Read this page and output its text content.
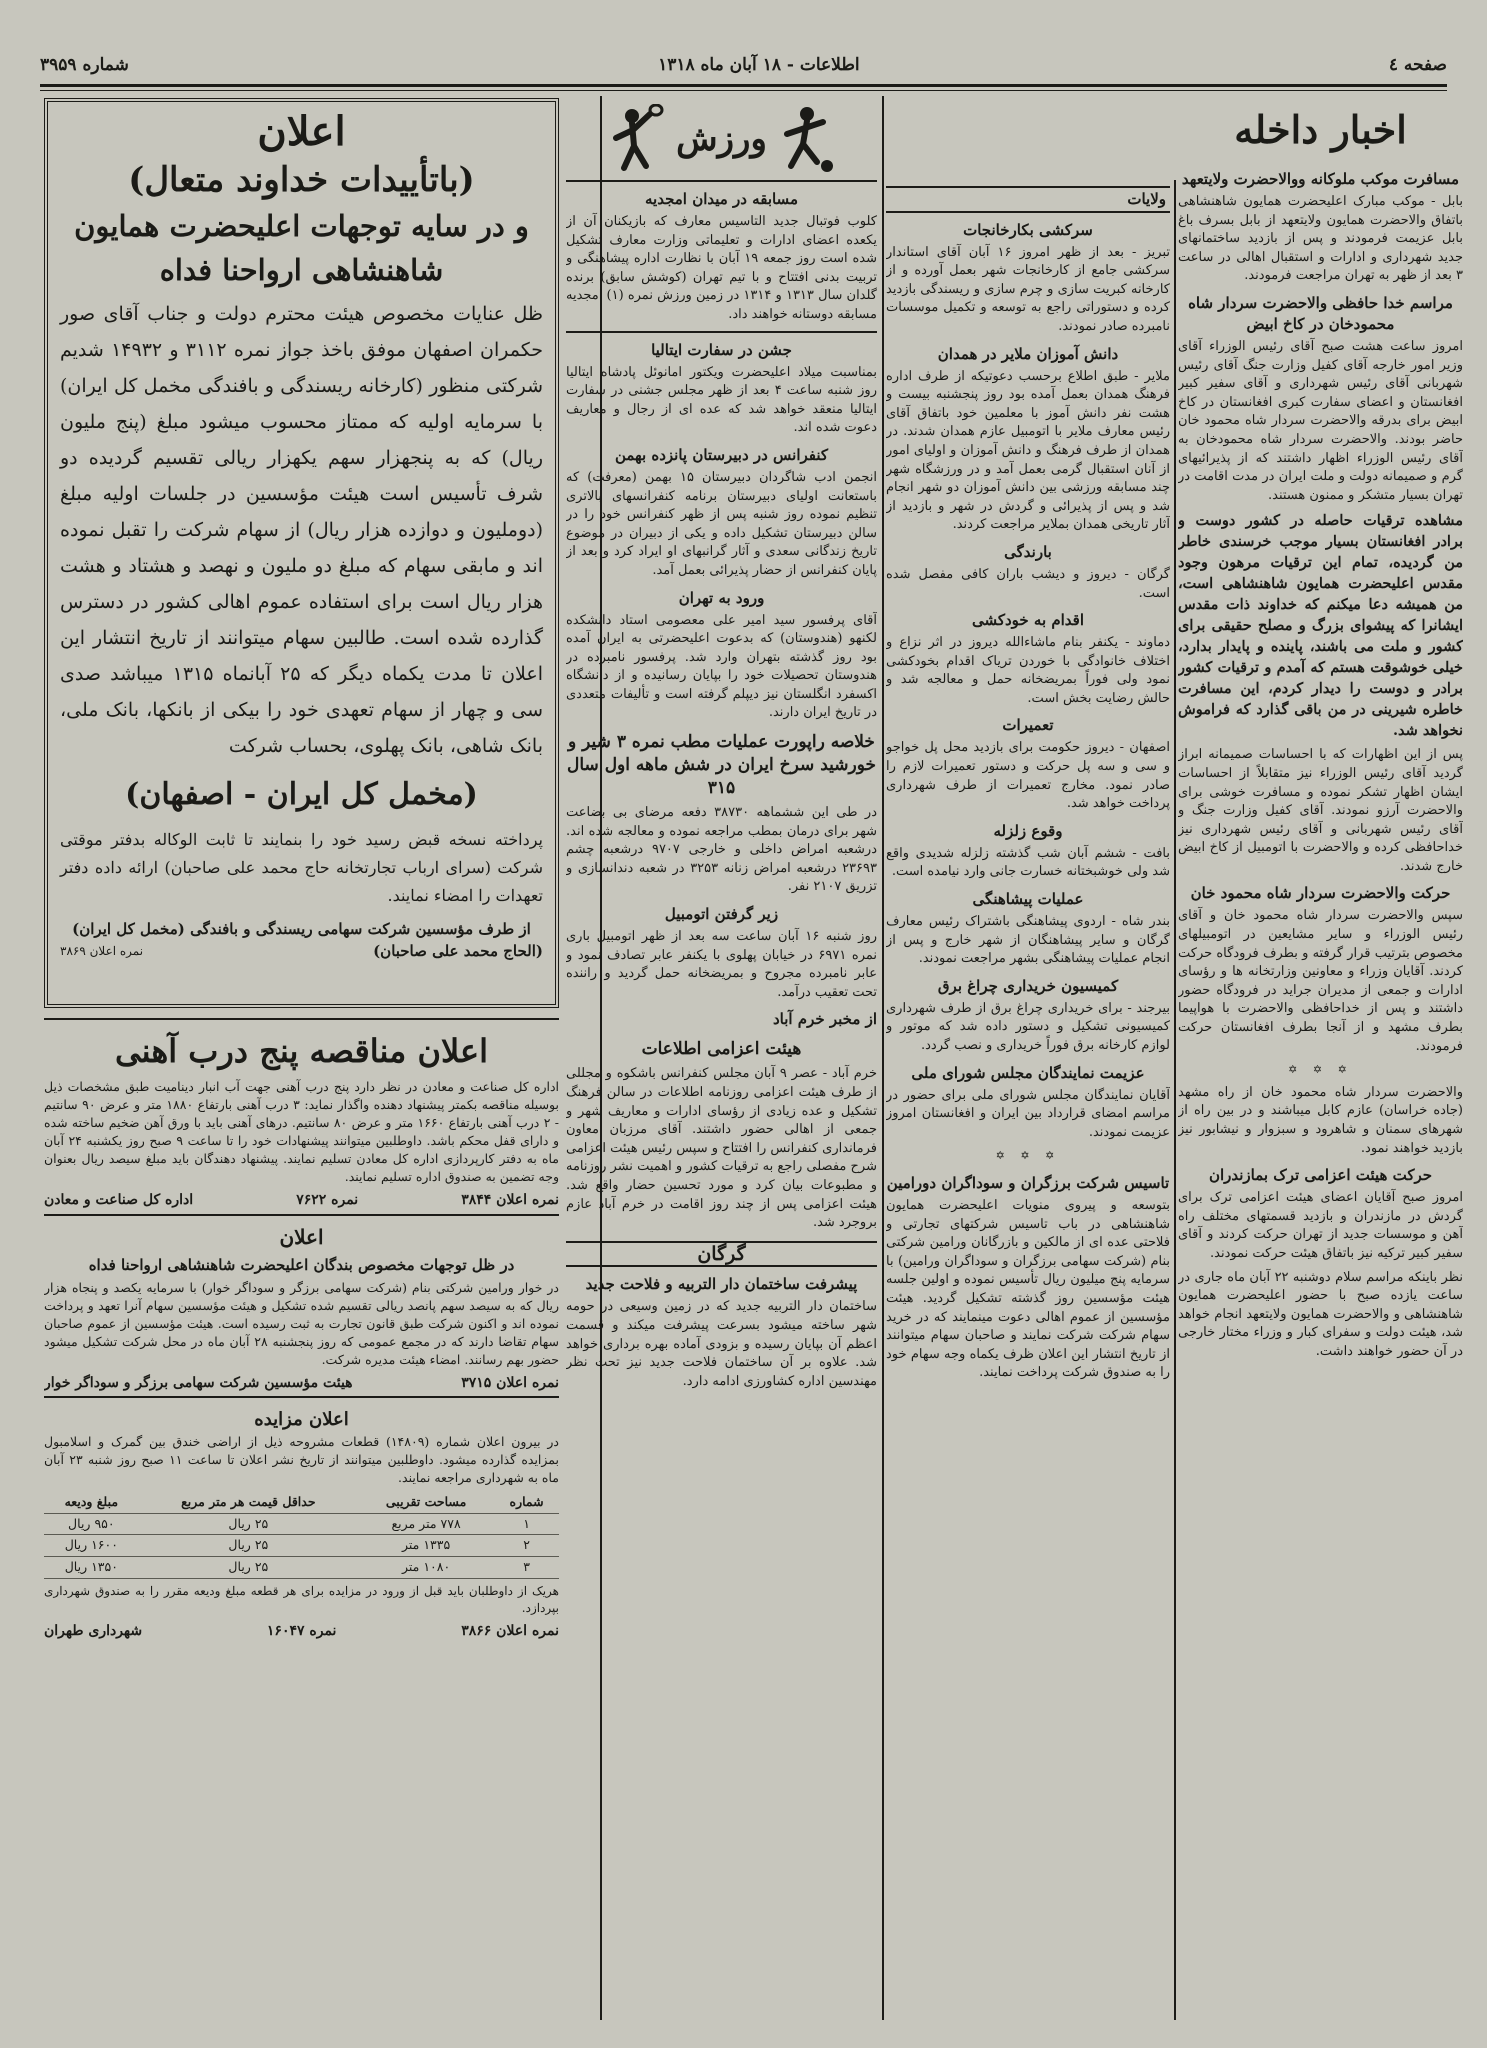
صفحه ٤
اطلاعات - ۱۸ آبان ماه ۱۳۱۸
شماره ۳۹۵۹
اخبار داخله
مسافرت موکب ملوکانه ووالاحضرت ولایتعهد
بابل - موکب مبارک اعلیحضرت همایون شاهنشاهی باتفاق والاحضرت همایون ولایتعهد از بابل بسرف باغ بابل عزیمت فرمودند و پس از بازدید ساختمانهای جدید شهرداری و ادارات و استقبال اهالی در ساعت ۳ بعد از ظهر به تهران مراجعت فرمودند.
مراسم خدا حافظی والاحضرت سردار شاه محمودخان در کاخ ابیض
امروز ساعت هشت صبح آقای رئیس الوزراء آقای وزیر امور خارجه آقای کفیل وزارت جنگ آقای رئیس شهربانی آقای رئیس شهرداری و آقای سفیر کبیر افغانستان و اعضای سفارت کبری افغانستان در کاخ ابیض برای بدرقه والاحضرت سردار شاه محمود خان حاضر بودند. والاحضرت سردار شاه محمودخان به آقای رئیس الوزراء اظهار داشتند که از پذیرائیهای گرم و صمیمانه دولت و ملت ایران در مدت اقامت در تهران بسیار متشکر و ممنون هستند.
مشاهده ترقیات حاصله در کشور دوست و برادر افغانستان بسیار موجب خرسندی خاطر من گردیده، تمام این ترقیات مرهون وجود مقدس اعلیحضرت همایون شاهنشاهی است، من همیشه دعا میکنم که خداوند ذات مقدس ایشانرا که پیشوای بزرگ و مصلح حقیقی برای کشور و ملت می باشند، پاینده و پایدار بدارد، خیلی خوشوقت هستم که آمدم و ترقیات کشور برادر و دوست را دیدار کردم، این مسافرت خاطره شیرینی در من باقی گذارد که فراموش نخواهد شد.
پس از این اظهارات که با احساسات صمیمانه ابراز گردید آقای رئیس الوزراء نیز متقابلاً از احساسات ایشان اظهار تشکر نموده و مسافرت خوشی برای والاحضرت آرزو نمودند. آقای کفیل وزارت جنگ و آقای رئیس شهربانی و آقای رئیس شهرداری نیز خداحافظی کرده و والاحضرت با اتومبیل از کاخ ابیض خارج شدند.
حرکت والاحضرت سردار شاه محمود خان
سپس والاحضرت سردار شاه محمود خان و آقای رئیس الوزراء و سایر مشایعین در اتومبیلهای مخصوص بترتیب قرار گرفته و بطرف فرودگاه حرکت کردند. آقایان وزراء و معاونین وزارتخانه ها و رؤسای ادارات و جمعی از مدیران جراید در فرودگاه حضور داشتند و پس از خداحافظی والاحضرت با هواپیما بطرف مشهد و از آنجا بطرف افغانستان حرکت فرمودند.
✡ ✡ ✡
والاحضرت سردار شاه محمود خان از راه مشهد (جاده خراسان) عازم کابل میباشند و در بین راه از شهرهای سمنان و شاهرود و سبزوار و نیشابور نیز بازدید خواهند نمود.
حرکت هیئت اعزامی ترک بمازندران
امروز صبح آقایان اعضای هیئت اعزامی ترک برای گردش در مازندران و بازدید قسمتهای مختلف راه آهن و موسسات جدید از تهران حرکت کردند و آقای سفیر کبیر ترکیه نیز باتفاق هیئت حرکت نمودند.
نظر باینکه مراسم سلام دوشنبه ۲۲ آبان ماه جاری در ساعت یازده صبح با حضور اعلیحضرت همایون شاهنشاهی و والاحضرت همایون ولایتعهد انجام خواهد شد، هیئت دولت و سفرای کبار و وزراء مختار خارجی در آن حضور خواهند داشت.
ولایات
سرکشی بکارخانجات
تبریز - بعد از ظهر امروز ۱۶ آبان آقای استاندار سرکشی جامع از کارخانجات شهر بعمل آورده و از کارخانه کبریت سازی و چرم سازی و ریسندگی بازدید کرده و دستوراتی راجع به توسعه و تکمیل موسسات نامبرده صادر نمودند.
دانش آموزان ملایر در همدان
ملایر - طبق اطلاع برحسب دعوتیکه از طرف اداره فرهنگ همدان بعمل آمده بود روز پنجشنبه بیست و هشت نفر دانش آموز با معلمین خود باتفاق آقای رئیس معارف ملایر با اتومبیل عازم همدان شدند. در همدان از طرف فرهنگ و دانش آموزان و اولیای امور از آنان استقبال گرمی بعمل آمد و در ورزشگاه شهر چند مسابقه ورزشی بین دانش آموزان دو شهر انجام شد و پس از پذیرائی و گردش در شهر و بازدید از آثار تاریخی همدان بملایر مراجعت کردند.
بارندگی
گرگان - دیروز و دیشب باران کافی مفصل شده است.
اقدام به خودکشی
دماوند - یکنفر بنام ماشاءالله دیروز در اثر نزاع و اختلاف خانوادگی با خوردن تریاک اقدام بخودکشی نمود ولی فوراً بمریضخانه حمل و معالجه شد و حالش رضایت بخش است.
تعمیرات
اصفهان - دیروز حکومت برای بازدید محل پل خواجو و سی و سه پل حرکت و دستور تعمیرات لازم را صادر نمود. مخارج تعمیرات از طرف شهرداری پرداخت خواهد شد.
وقوع زلزله
بافت - ششم آبان شب گذشته زلزله شدیدی واقع شد ولی خوشبختانه خسارت جانی وارد نیامده است.
عملیات پیشاهنگی
بندر شاه - اردوی پیشاهنگی باشتراک رئیس معارف گرگان و سایر پیشاهنگان از شهر خارج و پس از انجام عملیات پیشاهنگی بشهر مراجعت نمودند.
کمیسیون خریداری چراغ برق
بیرجند - برای خریداری چراغ برق از طرف شهرداری کمیسیونی تشکیل و دستور داده شد که موتور و لوازم کارخانه برق فوراً خریداری و نصب گردد.
عزیمت نمایندگان مجلس شورای ملی
آقایان نمایندگان مجلس شورای ملی برای حضور در مراسم امضای قرارداد بین ایران و افغانستان امروز عزیمت نمودند.
✡ ✡ ✡
تاسیس شرکت برزگران و سوداگران دورامین
بتوسعه و پیروی منویات اعلیحضرت همایون شاهنشاهی در باب تاسیس شرکتهای تجارتی و فلاحتی عده ای از مالکین و بازرگانان ورامین شرکتی بنام (شرکت سهامی برزگران و سوداگران ورامین) با سرمایه پنج میلیون ریال تأسیس نموده و اولین جلسه هیئت مؤسسین روز گذشته تشکیل گردید. هیئت مؤسسین از عموم اهالی دعوت مینمایند که در خرید سهام شرکت شرکت نمایند و صاحبان سهام میتوانند از تاریخ انتشار این اعلان ظرف یکماه وجه سهام خود را به صندوق شرکت پرداخت نمایند.
ورزش
مسابقه در میدان امجدیه
کلوب فوتبال جدید التاسیس معارف که بازیکنان آن از یکعده اعضای ادارات و تعلیماتی وزارت معارف تشکیل شده است روز جمعه ۱۹ آبان با نظارت اداره پیشاهنگی و تربیت بدنی افتتاح و با تیم تهران (کوشش سابق) برنده گلدان سال ۱۳۱۳ و ۱۳۱۴ در زمین ورزش نمره (۱) امجدیه مسابقه دوستانه خواهند داد.
جشن در سفارت ایتالیا
بمناسبت میلاد اعلیحضرت ویکتور امانوئل پادشاه ایتالیا روز شنبه ساعت ۴ بعد از ظهر مجلس جشنی در سفارت ایتالیا منعقد خواهد شد که عده ای از رجال و معاریف دعوت شده اند.
کنفرانس در دبیرستان پانزده بهمن
انجمن ادب شاگردان دبیرستان ۱۵ بهمن (معرفت) که باستعانت اولیای دبیرستان برنامه کنفرانسهای بالاتری تنظیم نموده روز شنبه پس از ظهر کنفرانس خود را در سالن دبیرستان تشکیل داده و یکی از دبیران در موضوع تاریخ زندگانی سعدی و آثار گرانبهای او ایراد کرد و بعد از پایان کنفرانس از حضار پذیرائی بعمل آمد.
ورود به تهران
آقای پرفسور سید امیر علی معصومی استاد دانشکده لکنهو (هندوستان) که بدعوت اعلیحضرتی به ایران آمده بود روز گذشته بتهران وارد شد. پرفسور نامبرده در هندوستان تحصیلات خود را بپایان رسانیده و از دانشگاه اکسفرد انگلستان نیز دیپلم گرفته است و تألیفات متعددی در تاریخ ایران دارند.
خلاصه راپورت عملیات مطب نمره ۳ شیر و خورشید سرخ ایران در شش ماهه اول سال ۳۱۵
در طی این ششماهه ۳۸۷۳۰ دفعه مرضای بی بضاعت شهر برای درمان بمطب مراجعه نموده و معالجه شده اند. درشعبه امراض داخلی و خارجی ۹۷۰۷ درشعبه چشم ۲۳۶۹۳ درشعبه امراض زنانه ۳۲۵۳ در شعبه دندانسازی و تزریق ۲۱۰۷ نفر.
زیر گرفتن اتومبیل
روز شنبه ۱۶ آبان ساعت سه بعد از ظهر اتومبیل باری نمره ۶۹۷۱ در خیابان پهلوی با یکنفر عابر تصادف نمود و عابر نامبرده مجروح و بمریضخانه حمل گردید و راننده تحت تعقیب درآمد.
از مخبر خرم آباد
هیئت اعزامی اطلاعات
خرم آباد - عصر ۹ آبان مجلس کنفرانس باشکوه و مجللی از طرف هیئت اعزامی روزنامه اطلاعات در سالن فرهنگ تشکیل و عده زیادی از رؤسای ادارات و معاریف شهر و جمعی از اهالی حضور داشتند. آقای مرزبان معاون فرمانداری کنفرانس را افتتاح و سپس رئیس هیئت اعزامی شرح مفصلی راجع به ترقیات کشور و اهمیت نشر روزنامه و مطبوعات بیان کرد و مورد تحسین حضار واقع شد. هیئت اعزامی پس از چند روز اقامت در خرم آباد عازم بروجرد شد.
گرگان
پیشرفت ساختمان دار التربیه و فلاحت جدید
ساختمان دار التربیه جدید که در زمین وسیعی در حومه شهر ساخته میشود بسرعت پیشرفت میکند و قسمت اعظم آن بپایان رسیده و بزودی آماده بهره برداری خواهد شد. علاوه بر آن ساختمان فلاحت جدید نیز تحت نظر مهندسین اداره کشاورزی ادامه دارد.
اعلان
(باتأییدات خداوند متعال)
و در سایه توجهات اعلیحضرت همایون شاهنشاهی ارواحنا فداه
ظل عنایات مخصوص هیئت محترم دولت و جناب آقای صور حکمران اصفهان موفق باخذ جواز نمره ۳۱۱۲ و ۱۴۹۳۲ شدیم شرکتی منظور (کارخانه ریسندگی و بافندگی مخمل کل ایران) با سرمایه اولیه که ممتاز محسوب میشود مبلغ (پنج ملیون ریال) که به پنجهزار سهم یکهزار ریالی تقسیم گردیده دو شرف تأسیس است هیئت مؤسسین در جلسات اولیه مبلغ (دوملیون و دوازده هزار ریال) از سهام شرکت را تقبل نموده اند و مابقی سهام که مبلغ دو ملیون و نهصد و هشتاد و هشت هزار ریال است برای استفاده عموم اهالی کشور در دسترس گذارده شده است. طالبین سهام میتوانند از تاریخ انتشار این اعلان تا مدت یکماه دیگر که ۲۵ آبانماه ۱۳۱۵ میباشد صدی سی و چهار از سهام تعهدی خود را بیکی از بانکها، بانک ملی، بانک شاهی، بانک پهلوی، بحساب شرکت
(مخمل کل ایران - اصفهان)
پرداخته نسخه قبض رسید خود را بنمایند تا ثابت الوکاله بدفتر موقتی شرکت (سرای ارباب تجارتخانه حاج محمد علی صاحبان) ارائه داده دفتر تعهدات را امضاء نمایند.
از طرف مؤسسین شرکت سهامی ریسندگی و بافندگی (مخمل کل ایران)
(الحاج محمد علی صاحبان)
نمره اعلان ۳۸۶۹
اعلان مناقصه پنج درب آهنی
اداره کل صناعت و معادن در نظر دارد پنج درب آهنی جهت آب انبار دیناميت طبق مشخصات ذیل بوسیله مناقصه بکمتر پیشنهاد دهنده واگذار نماید: ۳ درب آهنی بارتفاع ۱۸۸۰ متر و عرض ۹۰ سانتیم - ۲ درب آهنی بارتفاع ۱۶۶۰ متر و عرض ۸۰ سانتیم. درهای آهنی باید با ورق آهن ضخیم ساخته شده و دارای قفل محکم باشد. داوطلبین میتوانند پیشنهادات خود را تا ساعت ۹ صبح روز یکشنبه ۲۴ آبان ماه به دفتر کارپردازی اداره کل معادن تسلیم نمایند. پیشنهاد دهندگان باید مبلغ سیصد ریال بعنوان وجه تضمین به صندوق اداره تسلیم نمایند.
نمره اعلان ۳۸۴۴
نمره ۷۶۲۲
اداره کل صناعت و معادن
اعلان
در ظل توجهات مخصوص بندگان اعلیحضرت شاهنشاهی ارواحنا فداه
در خوار ورامین شرکتی بنام (شرکت سهامی برزگر و سوداگر خوار) با سرمایه یکصد و پنجاه هزار ریال که به سیصد سهم پانصد ریالی تقسیم شده تشکیل و هیئت مؤسسین سهام آنرا تعهد و پرداخت نموده اند و اکنون شرکت طبق قانون تجارت به ثبت رسیده است. هیئت مؤسسین از عموم صاحبان سهام تقاضا دارند که در مجمع عمومی که روز پنجشنبه ۲۸ آبان ماه در محل شرکت تشکیل میشود حضور بهم رسانند. امضاء هیئت مدیره شرکت.
نمره اعلان ۳۷۱۵
هیئت مؤسسین شرکت سهامی برزگر و سوداگر خوار
اعلان مزایده
در بیرون اعلان شماره (۱۴۸۰۹) قطعات مشروحه ذیل از اراضی خندق بین گمرک و اسلامبول بمزایده گذارده میشود. داوطلبین میتوانند از تاریخ نشر اعلان تا ساعت ۱۱ صبح روز شنبه ۲۳ آبان ماه به شهرداری مراجعه نمایند.
شماره	مساحت تقریبی	حداقل قیمت هر متر مربع	مبلغ ودیعه
۱	۷۷۸ متر مربع	۲۵ ریال	۹۵۰ ریال
۲	۱۳۳۵ متر	۲۵ ریال	۱۶۰۰ ریال
۳	۱۰۸۰ متر	۲۵ ریال	۱۳۵۰ ریال
هریک از داوطلبان باید قبل از ورود در مزایده برای هر قطعه مبلغ ودیعه مقرر را به صندوق شهرداری بپردازد.
نمره اعلان ۳۸۶۶
نمره ۱۶۰۴۷
شهرداری طهران
